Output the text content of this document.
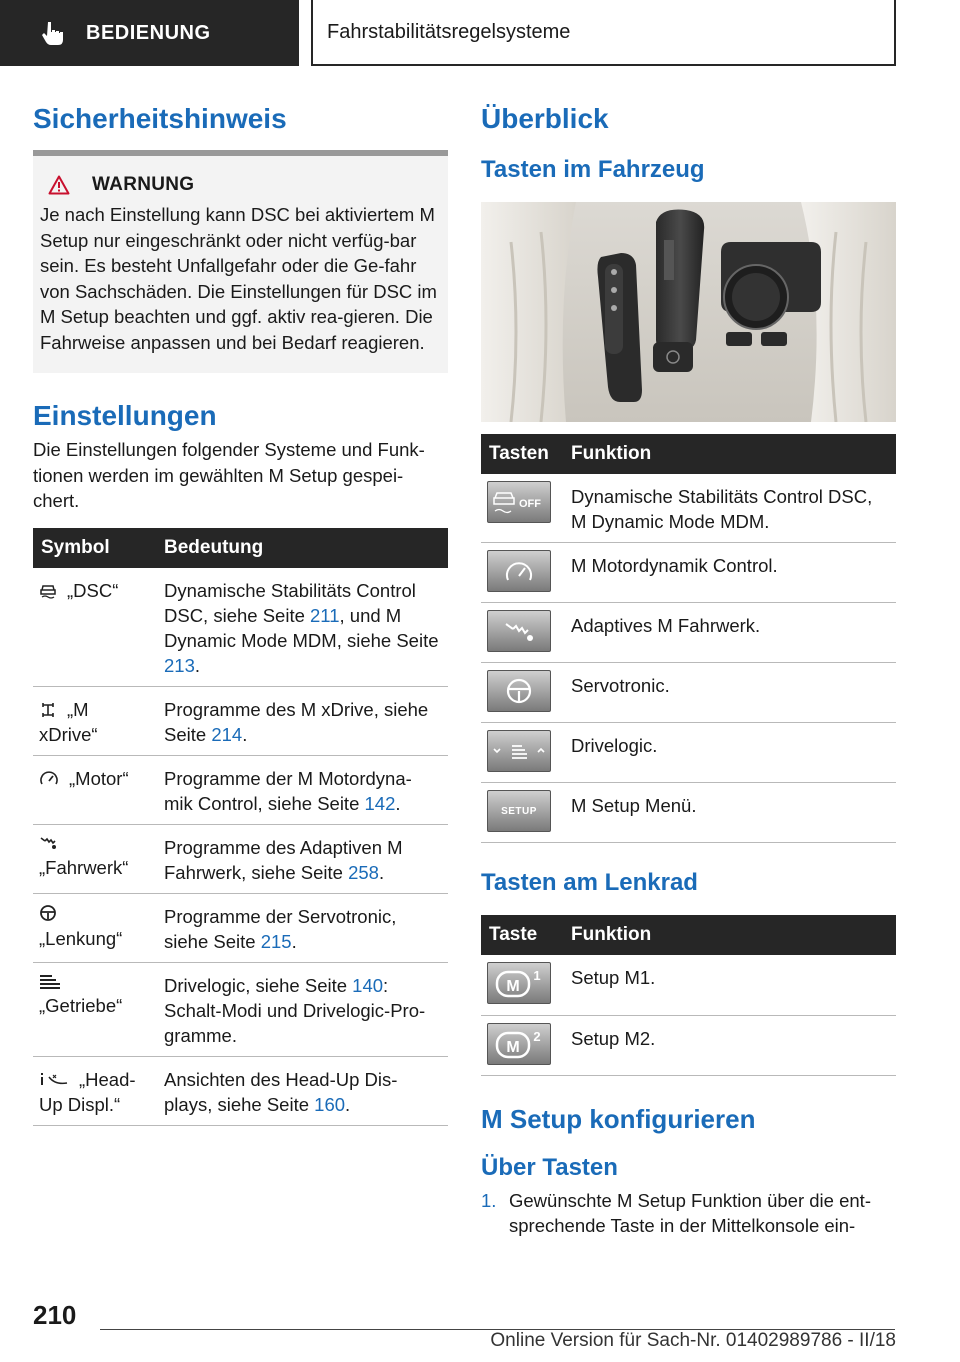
BEDIENUNG	Fahrstabilitätsregelsysteme
Sicherheitshinweis
WARNUNG

Je nach Einstellung kann DSC bei aktiviertem M Setup nur eingeschränkt oder nicht verfüg-bar sein. Es besteht Unfallgefahr oder die Ge-fahr von Sachschäden. Die Einstellungen für DSC im M Setup beachten und ggf. aktiv rea-gieren. Die Fahrweise anpassen und bei Bedarf reagieren.

Einstellungen

Die Einstellungen folgender Systeme und Funk-tionen werden im gewählten M Setup gespei-chert.

Symbol	Bedeutung
„DSC“	Dynamische Stabilitäts Control DSC, siehe Seite 211, und M Dynamic Mode MDM, siehe Seite 213.
„M xDrive“	Programme des M xDrive, siehe Seite 214.
„Motor“	Programme der M Motordyna-mik Control, siehe Seite 142.

„Fahrwerk“	Programme des Adaptiven M Fahrwerk, siehe Seite 258.

„Lenkung“	Programme der Servotronic, siehe Seite 215.

„Getriebe“	Drivelogic, siehe Seite 140: Schalt-Modi und Drivelogic-Pro-gramme.
„Head-Up Displ.“	Ansichten des Head-Up Dis-plays, siehe Seite 160.
Überblick
Tasten im Fahrzeug
Tasten	Funktion

OFF	Dynamische Stabilitäts Control DSC, M Dynamic Mode MDM.

	M Motordynamik Control.

	Adaptives M Fahrwerk.

	Servotronic.

	Drivelogic.

SETUP	M Setup Menü.
Tasten am Lenkrad
Taste	Funktion

M
1	Setup M1.

M
2	Setup M2.
M Setup konfigurieren
Über Tasten
1. Gewünschte M Setup Funktion über die ent-sprechende Taste in der Mittelkonsole ein-
210
Online Version für Sach-Nr. 01402989786 - II/18
